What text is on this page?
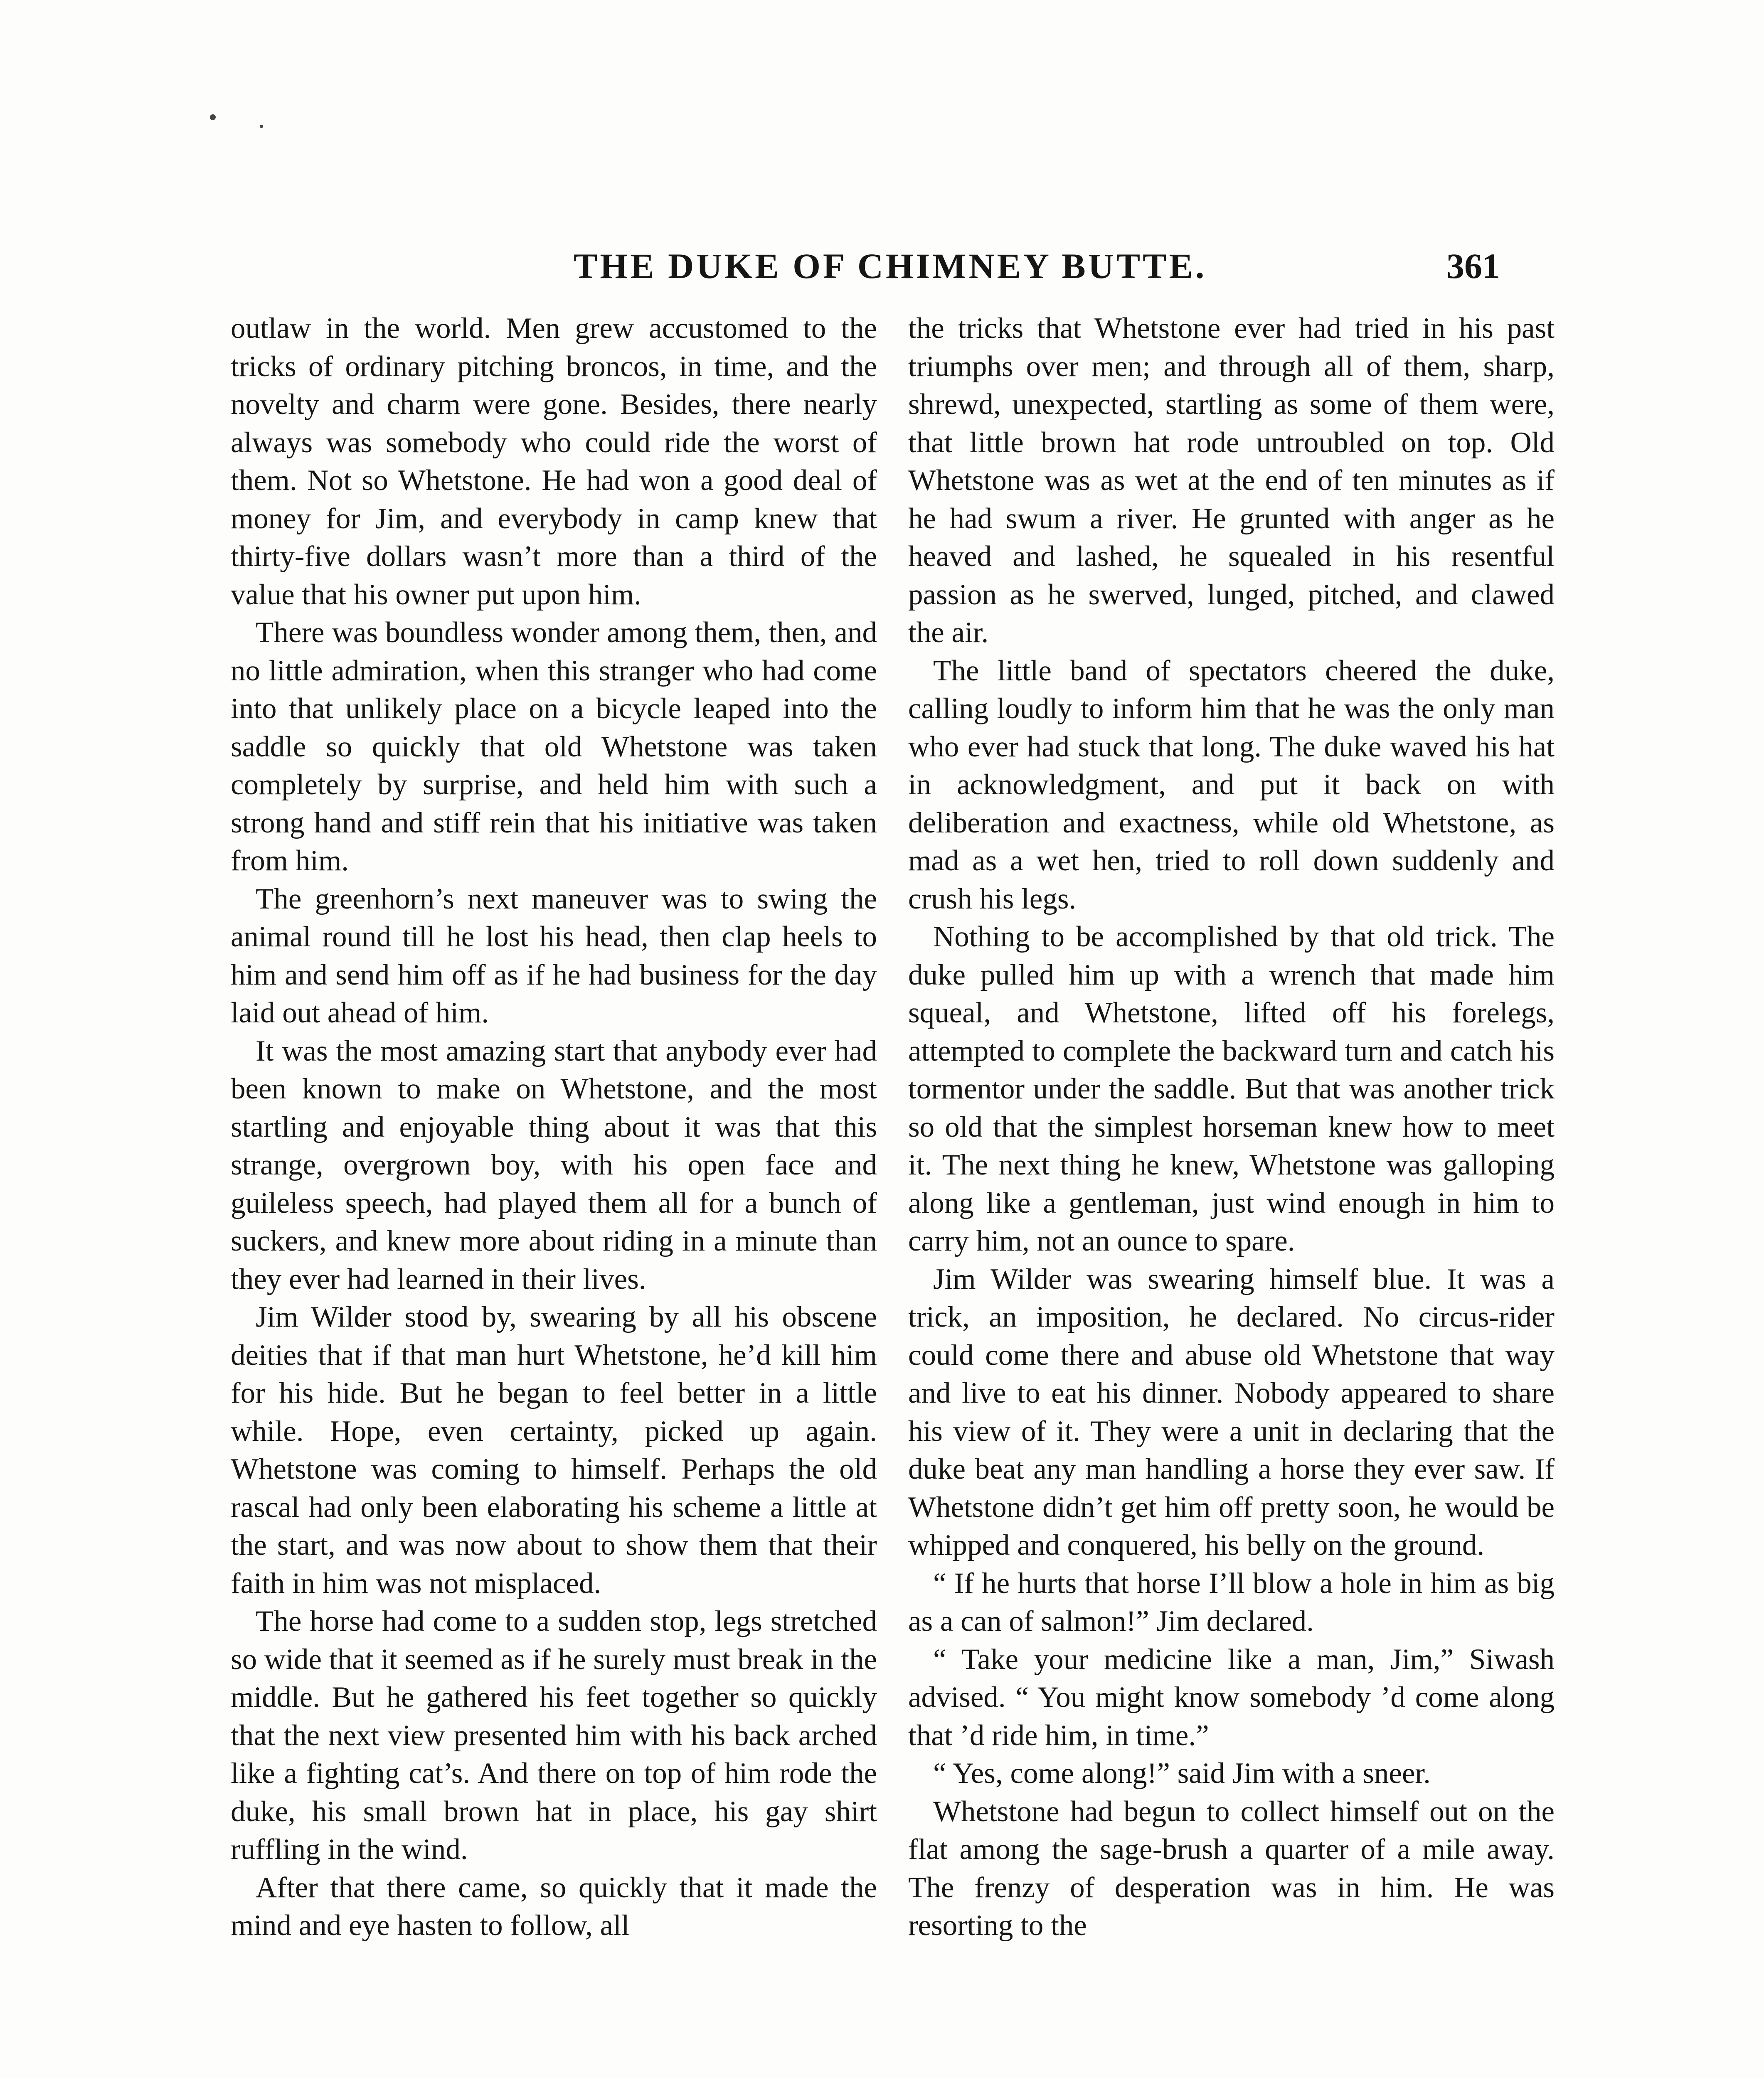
THE DUKE OF CHIMNEY BUTTE.	361

outlaw in the world. Men grew accustomed to the tricks of ordinary pitching broncos, in time, and the novelty and charm were gone. Besides, there nearly always was somebody who could ride the worst of them. Not so Whetstone. He had won a good deal of money for Jim, and everybody in camp knew that thirty-five dollars wasn’t more than a third of the value that his owner put upon him.

There was boundless wonder among them, then, and no little admiration, when this stranger who had come into that unlikely place on a bicycle leaped into the saddle so quickly that old Whetstone was taken completely by surprise, and held him with such a strong hand and stiff rein that his initiative was taken from him.

The greenhorn’s next maneuver was to swing the animal round till he lost his head, then clap heels to him and send him off as if he had business for the day laid out ahead of him.

It was the most amazing start that anybody ever had been known to make on Whetstone, and the most startling and enjoyable thing about it was that this strange, overgrown boy, with his open face and guileless speech, had played them all for a bunch of suckers, and knew more about riding in a minute than they ever had learned in their lives.

Jim Wilder stood by, swearing by all his obscene deities that if that man hurt Whetstone, he’d kill him for his hide. But he began to feel better in a little while. Hope, even certainty, picked up again. Whetstone was coming to himself. Perhaps the old rascal had only been elaborating his scheme a little at the start, and was now about to show them that their faith in him was not misplaced.

The horse had come to a sudden stop, legs stretched so wide that it seemed as if he surely must break in the middle. But he gathered his feet together so quickly that the next view presented him with his back arched like a fighting cat’s. And there on top of him rode the duke, his small brown hat in place, his gay shirt ruffling in the wind.

After that there came, so quickly that it made the mind and eye hasten to follow, all

the tricks that Whetstone ever had tried in his past triumphs over men; and through all of them, sharp, shrewd, unexpected, startling as some of them were, that little brown hat rode untroubled on top. Old Whetstone was as wet at the end of ten minutes as if he had swum a river. He grunted with anger as he heaved and lashed, he squealed in his resentful passion as he swerved, lunged, pitched, and clawed the air.

The little band of spectators cheered the duke, calling loudly to inform him that he was the only man who ever had stuck that long. The duke waved his hat in acknowledgment, and put it back on with deliberation and exactness, while old Whetstone, as mad as a wet hen, tried to roll down suddenly and crush his legs.

Nothing to be accomplished by that old trick. The duke pulled him up with a wrench that made him squeal, and Whetstone, lifted off his forelegs, attempted to complete the backward turn and catch his tormentor under the saddle. But that was another trick so old that the simplest horseman knew how to meet it. The next thing he knew, Whetstone was galloping along like a gentleman, just wind enough in him to carry him, not an ounce to spare.

Jim Wilder was swearing himself blue. It was a trick, an imposition, he declared. No circus-rider could come there and abuse old Whetstone that way and live to eat his dinner. Nobody appeared to share his view of it. They were a unit in declaring that the duke beat any man handling a horse they ever saw. If Whetstone didn’t get him off pretty soon, he would be whipped and conquered, his belly on the ground.

“ If he hurts that horse I’ll blow a hole in him as big as a can of salmon!” Jim declared.

“ Take your medicine like a man, Jim,” Siwash advised. “ You might know somebody ’d come along that ’d ride him, in time.”

“ Yes, come along!” said Jim with a sneer.

Whetstone had begun to collect himself out on the flat among the sage-brush a quarter of a mile away. The frenzy of desperation was in him. He was resorting to the
